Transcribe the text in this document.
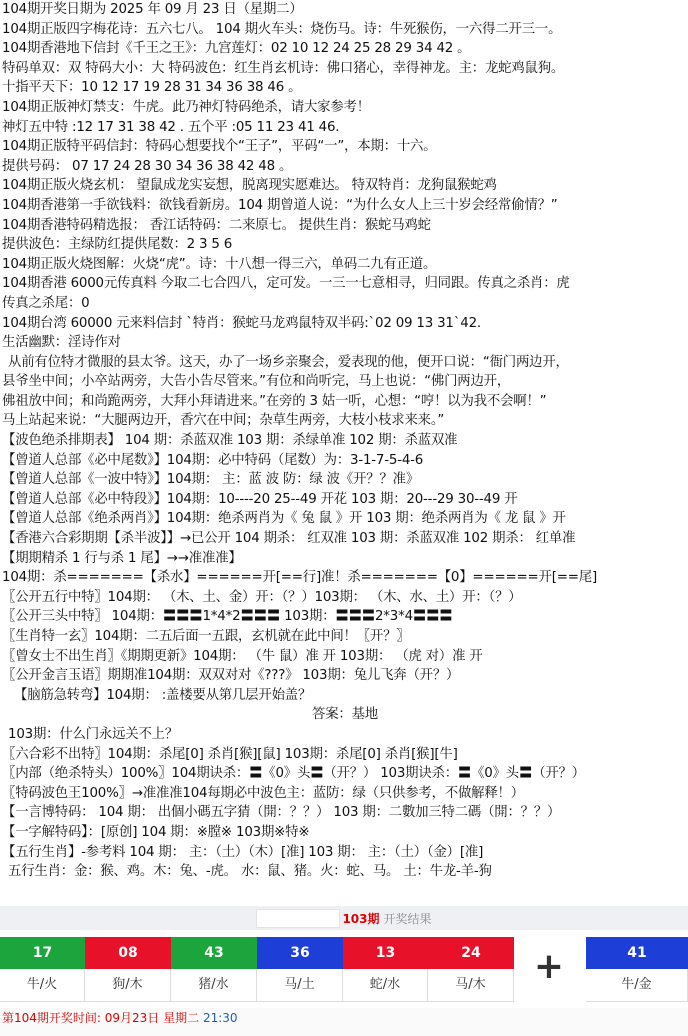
104期开奖日期为 2025 年 09 月 23 日（星期二）
104期正版四字梅花诗：五六七八。 104 期火车头：烧伤马。诗：牛死猴伤，一六得二开三一。
104期香港地下信封《千王之王》：九宫莲灯：02 10 12 24 25 28 29 34 42 。
特码单双：双 特码大小：大 特码波色：红生肖玄机诗：佛口猪心，幸得神龙。主：龙蛇鸡鼠狗。
十指平天下：10 12 17 19 28 31 34 36 38 46 。
104期正版神灯禁支：牛虎。此乃神灯特码绝杀，请大家参考！
神灯五中特 :12 17 31 38 42 . 五个平 :05 11 23 41 46.
104期正版特平码信封：特码心想要找个“王子”，平码“一”，本期：十六。
提供号码： 07 17 24 28 30 34 36 38 42 48 。
104期正版火烧玄机： 望鼠成龙实妄想，脱离现实愿难达。 特双特肖：龙狗鼠猴蛇鸡
104期香港第一手欲钱料：欲钱看新房。104 期曾道人说：“为什么女人上三十岁会经常偷情？”
104期香港特码精选报： 香江话特码：二来原七。 提供生肖：猴蛇马鸡蛇
提供波色：主绿防红提供尾数：2 3 5 6
104期正版火烧图解：火烧“虎”。诗：十八想一得三六，单码二九有正道。
104期香港 6000元传真料 今取二七合四八，定可发。一三一七意相寻，归同跟。传真之杀肖：虎
传真之杀尾：0
104期台湾 60000 元来料信封 `特肖：猴蛇马龙鸡鼠特双半码:`02 09 13 31`42.
生活幽默：淫诗作对
从前有位特才微服的县太爷。这天，办了一场乡亲聚会，爱表现的他，便开口说：“衙门两边开，
县爷坐中间；小卒站两旁，大告小告尽管来。”有位和尚听完，马上也说：“佛门两边开，
佛祖放中间；和尚跪两旁，大拜小拜请进来。”在旁的 3 姑一听，心想：“哼！以为我不会啊！”
马上站起来说：“大腿两边开，香穴在中间；杂草生两旁，大枝小枝求来来。”
【波色绝杀排期表】 104 期：杀蓝双准 103 期：杀绿单准 102 期：杀蓝双准
【曾道人总部《必中尾数》】104期：必中特码（尾数）为：3-1-7-5-4-6
【曾道人总部《一波中特》】104期： 主：蓝 波 防：绿 波《开？？准》
【曾道人总部《必中特段》】104期：10----20 25--49 开花 103 期：20---29 30--49 开
【曾道人总部《绝杀两肖》】104期：绝杀两肖为《 兔 鼠 》开 103 期：绝杀两肖为《 龙 鼠 》开
【香港六合彩期期【杀半波】】→已公开 104 期杀： 红双准 103 期：杀蓝双准 102 期杀： 红单准
【期期精杀 1 行与杀 1 尾】→→准准准】
104期：杀=======【杀水】======开[==行]准！杀=======【0】======开[==尾]
〖公开五行中特〗104期： （木、土、金）开：（？）103期： （木、水、土）开：（？）
〖公开三头中特〗 104期：〓〓〓1*4*2〓〓〓 103期：〓〓〓2*3*4〓〓〓
〖生肖特一玄〗104期：二五后面一五跟，玄机就在此中间！〖开？〗
〖曾女士不出生肖〗《期期更新》104期： （牛 鼠）准 开 103期： （虎 对）准 开
〖公开金言玉语〗期期准104期：双双对对《???》 103期：兔儿飞奔（开？）
【脑筋急转弯】104期： :盖楼要从第几层开始盖？
答案：基地
103期：什么门永远关不上？
〖六合彩不出特〗104期：杀尾[0] 杀肖[猴][鼠] 103期：杀尾[0] 杀肖[猴][牛]
〖内部（绝杀特头）100%〗104期诀杀：〓《0》头〓（开？） 103期诀杀：〓《0》头〓（开？）
〖特码波色王100%〗→准准准104每期必中波色主：蓝防：绿（只供参考，不做解释！）
【一言博特码： 104 期： 出個小碼五字猜（開：？？） 103 期：二數加三特二碼（開：？？）
【一字解特码】：[原创] 104 期：※膛※ 103期※特※
【五行生肖】-参考料 104 期： 主：（土）（木）[准] 103 期： 主：（土）（金）[准]
五行生肖：金：猴、鸡。木：兔、-虎。 水：鼠、猪。火：蛇、马。 土：牛龙-羊-狗
103期 开奖结果
17
牛/火
08
狗/木
43
猪/水
36
马/土
13
蛇/水
24
马/木	+	41
牛/金
第104期开奖时间: 09月23日 星期二 21:30
